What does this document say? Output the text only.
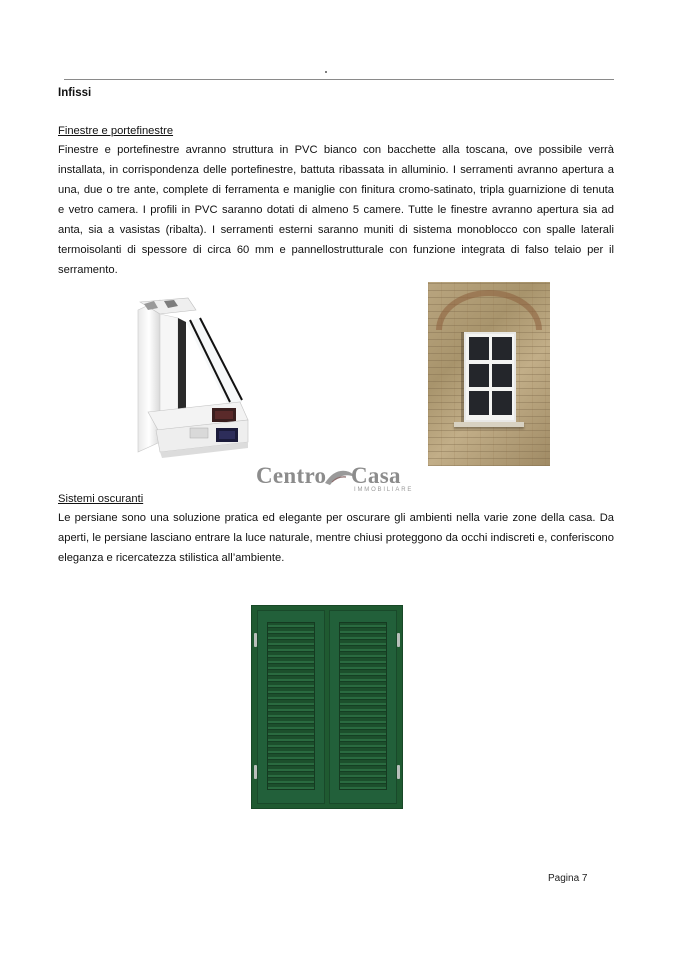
Infissi
Finestre e portefinestre

Finestre e portefinestre avranno struttura in PVC bianco con bacchette alla toscana, ove possibile verrà
installata, in corrispondenza delle portefinestre, battuta ribassata in alluminio. I serramenti avranno apertura a
una, due o tre ante, complete di ferramenta e maniglie con finitura cromo-satinato, tripla guarnizione di tenuta
e vetro camera. I profili in PVC saranno dotati di almeno 5 camere. Tutte le finestre avranno apertura sia ad
anta, sia a vasistas (ribalta). I serramenti esterni saranno muniti di sistema monoblocco con spalle laterali
termoisolanti di spessore di circa 60 mm e pannellostrutturale con funzione integrata di falso telaio per il
serramento.

Centro Casa
IMMOBILIARE
Sistemi oscuranti

Le persiane sono una soluzione pratica ed elegante per oscurare gli ambienti nella varie zone della casa. Da
aperti, le persiane lasciano entrare la luce naturale, mentre chiusi proteggono da occhi indiscreti e, conferiscono
eleganza e ricercatezza stilistica all’ambiente.

Pagina 7
